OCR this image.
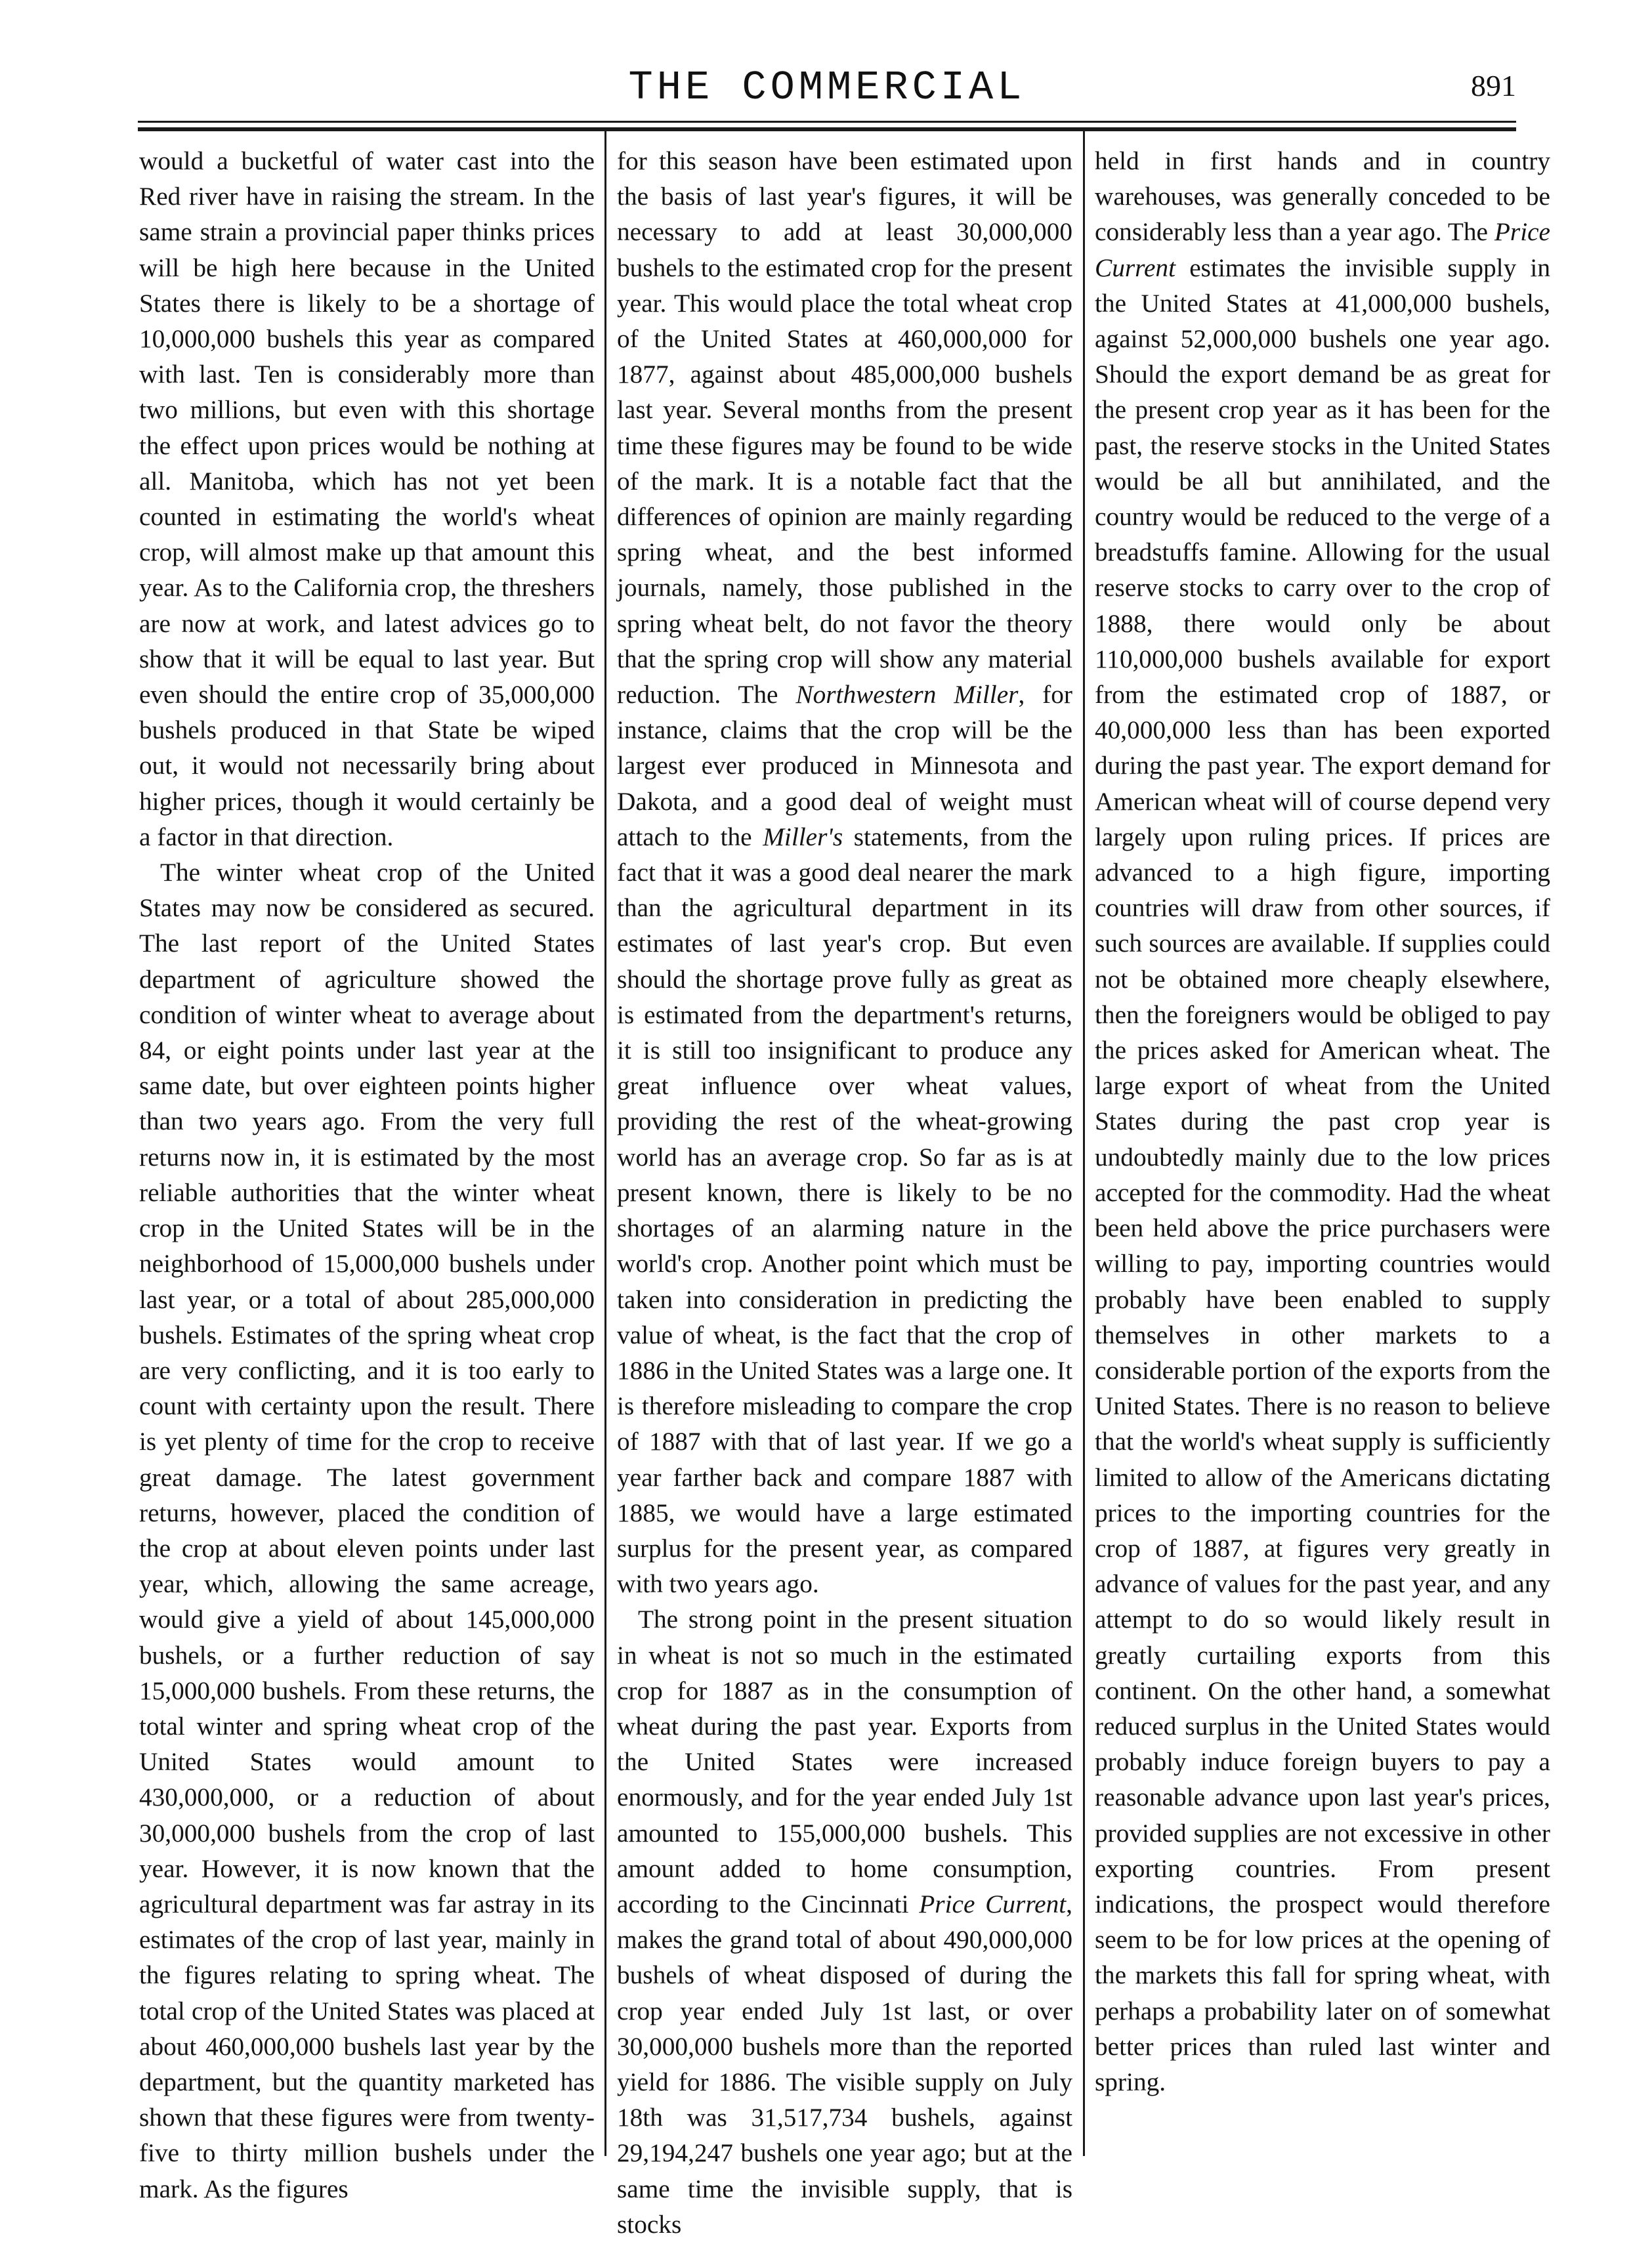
THE COMMERCIAL	891

would a bucketful of water cast into the Red river have in raising the stream. In the same strain a provincial paper thinks prices will be high here because in the United States there is likely to be a shortage of 10,000,000 bushels this year as compared with last. Ten is considerably more than two millions, but even with this shortage the effect upon prices would be nothing at all. Manitoba, which has not yet been counted in estimating the world's wheat crop, will almost make up that amount this year. As to the California crop, the threshers are now at work, and latest advices go to show that it will be equal to last year. But even should the entire crop of 35,000,000 bushels produced in that State be wiped out, it would not necessarily bring about higher prices, though it would certainly be a factor in that direction.

The winter wheat crop of the United States may now be considered as secured. The last report of the United States department of agriculture showed the condition of winter wheat to average about 84, or eight points under last year at the same date, but over eighteen points higher than two years ago. From the very full returns now in, it is estimated by the most reliable authorities that the winter wheat crop in the United States will be in the neighborhood of 15,000,000 bushels under last year, or a total of about 285,000,000 bushels. Estimates of the spring wheat crop are very conflicting, and it is too early to count with certainty upon the result. There is yet plenty of time for the crop to receive great damage. The latest government returns, however, placed the condition of the crop at about eleven points under last year, which, allowing the same acreage, would give a yield of about 145,000,000 bushels, or a further reduction of say 15,000,000 bushels. From these returns, the total winter and spring wheat crop of the United States would amount to 430,000,000, or a reduction of about 30,000,000 bushels from the crop of last year. However, it is now known that the agricultural department was far astray in its estimates of the crop of last year, mainly in the figures relating to spring wheat. The total crop of the United States was placed at about 460,000,000 bushels last year by the department, but the quantity marketed has shown that these figures were from twenty-five to thirty million bushels under the mark. As the figures

for this season have been estimated upon the basis of last year's figures, it will be necessary to add at least 30,000,000 bushels to the estimated crop for the present year. This would place the total wheat crop of the United States at 460,000,000 for 1877, against about 485,000,000 bushels last year. Several months from the present time these figures may be found to be wide of the mark. It is a notable fact that the differences of opinion are mainly regarding spring wheat, and the best informed journals, namely, those published in the spring wheat belt, do not favor the theory that the spring crop will show any material reduction. The Northwestern Miller, for instance, claims that the crop will be the largest ever produced in Minnesota and Dakota, and a good deal of weight must attach to the Miller's statements, from the fact that it was a good deal nearer the mark than the agricultural department in its estimates of last year's crop. But even should the shortage prove fully as great as is estimated from the department's returns, it is still too insignificant to produce any great influence over wheat values, providing the rest of the wheat-growing world has an average crop. So far as is at present known, there is likely to be no shortages of an alarming nature in the world's crop. Another point which must be taken into consideration in predicting the value of wheat, is the fact that the crop of 1886 in the United States was a large one. It is therefore misleading to compare the crop of 1887 with that of last year. If we go a year farther back and compare 1887 with 1885, we would have a large estimated surplus for the present year, as compared with two years ago.

The strong point in the present situation in wheat is not so much in the estimated crop for 1887 as in the consumption of wheat during the past year. Exports from the United States were increased enormously, and for the year ended July 1st amounted to 155,000,000 bushels. This amount added to home consumption, according to the Cincinnati Price Current, makes the grand total of about 490,000,000 bushels of wheat disposed of during the crop year ended July 1st last, or over 30,000,000 bushels more than the reported yield for 1886. The visible supply on July 18th was 31,517,734 bushels, against 29,194,247 bushels one year ago; but at the same time the invisible supply, that is stocks

held in first hands and in country warehouses, was generally conceded to be considerably less than a year ago. The Price Current estimates the invisible supply in the United States at 41,000,000 bushels, against 52,000,000 bushels one year ago. Should the export demand be as great for the present crop year as it has been for the past, the reserve stocks in the United States would be all but annihilated, and the country would be reduced to the verge of a breadstuffs famine. Allowing for the usual reserve stocks to carry over to the crop of 1888, there would only be about 110,000,000 bushels available for export from the estimated crop of 1887, or 40,000,000 less than has been exported during the past year. The export demand for American wheat will of course depend very largely upon ruling prices. If prices are advanced to a high figure, importing countries will draw from other sources, if such sources are available. If supplies could not be obtained more cheaply elsewhere, then the foreigners would be obliged to pay the prices asked for American wheat. The large export of wheat from the United States during the past crop year is undoubtedly mainly due to the low prices accepted for the commodity. Had the wheat been held above the price purchasers were willing to pay, importing countries would probably have been enabled to supply themselves in other markets to a considerable portion of the exports from the United States. There is no reason to believe that the world's wheat supply is sufficiently limited to allow of the Americans dictating prices to the importing countries for the crop of 1887, at figures very greatly in advance of values for the past year, and any attempt to do so would likely result in greatly curtailing exports from this continent. On the other hand, a somewhat reduced surplus in the United States would probably induce foreign buyers to pay a reasonable advance upon last year's prices, provided supplies are not excessive in other exporting countries. From present indications, the prospect would therefore seem to be for low prices at the opening of the markets this fall for spring wheat, with perhaps a probability later on of somewhat better prices than ruled last winter and spring.
